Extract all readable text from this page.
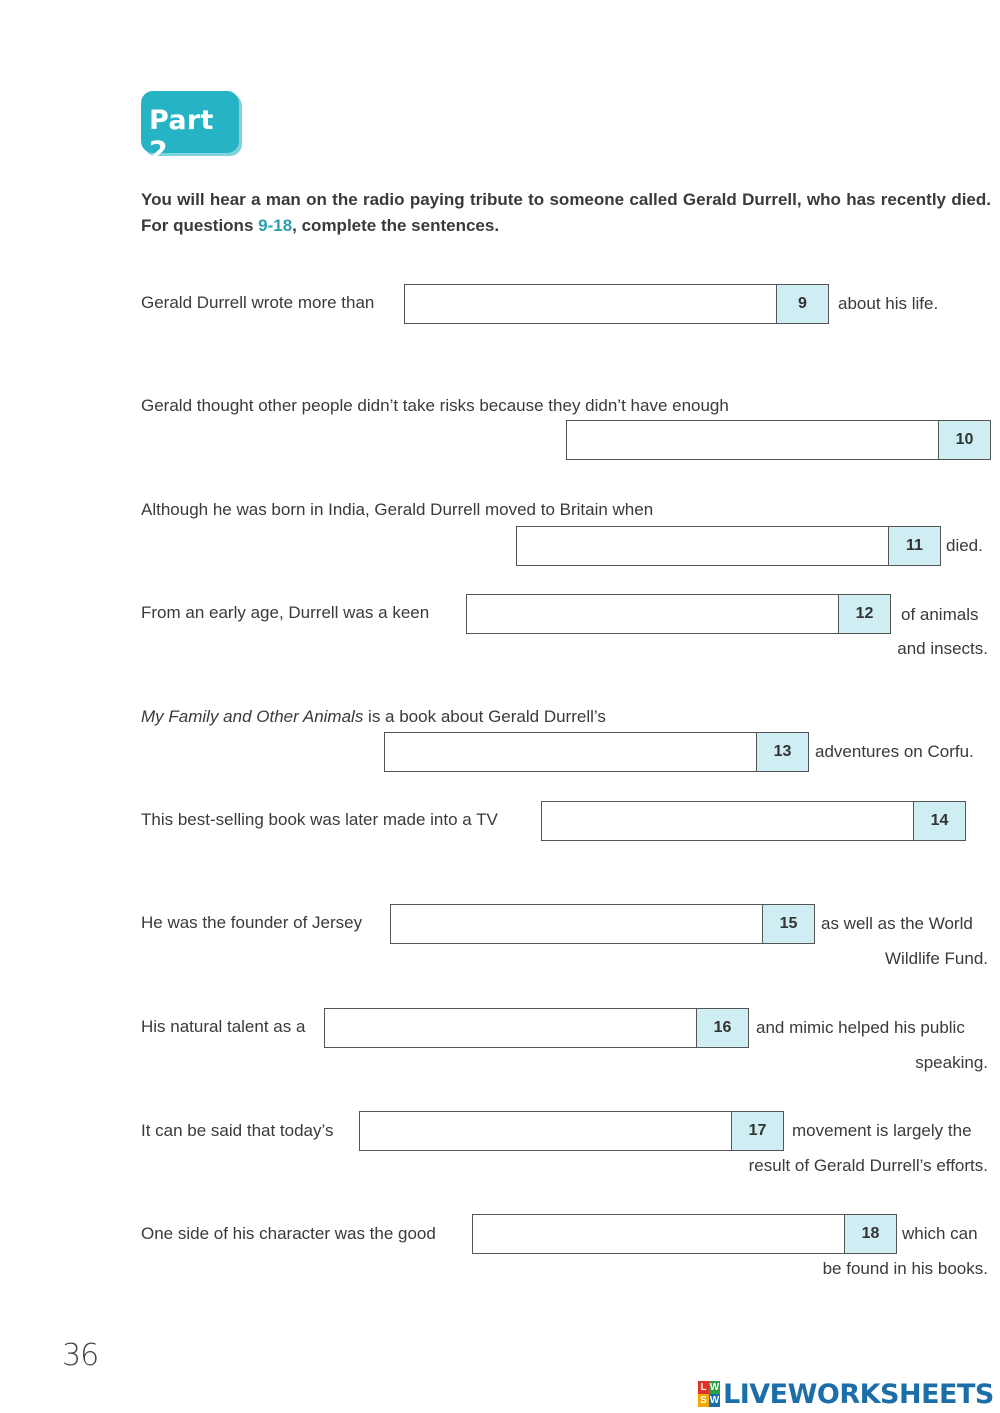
Part 2
You will hear a man on the radio paying tribute to someone called Gerald Durrell, who has recently died. For questions 9-18, complete the sentences.
Gerald Durrell wrote more than	9	about his life.
Gerald thought other people didn’t take risks because they didn’t have enough
10
Although he was born in India, Gerald Durrell moved to Britain when
11	died.
From an early age, Durrell was a keen	12	of animals
and insects.
My Family and Other Animals is a book about Gerald Durrell’s
13	adventures on Corfu.
This best-selling book was later made into a TV	14
He was the founder of Jersey	15	as well as the World
Wildlife Fund.
His natural talent as a	16	and mimic helped his public
speaking.
It can be said that today’s	17	movement is largely the
result of Gerald Durrell’s efforts.
One side of his character was the good	18	which can
be found in his books.
36
L W
S W LIVEWORKSHEETS
